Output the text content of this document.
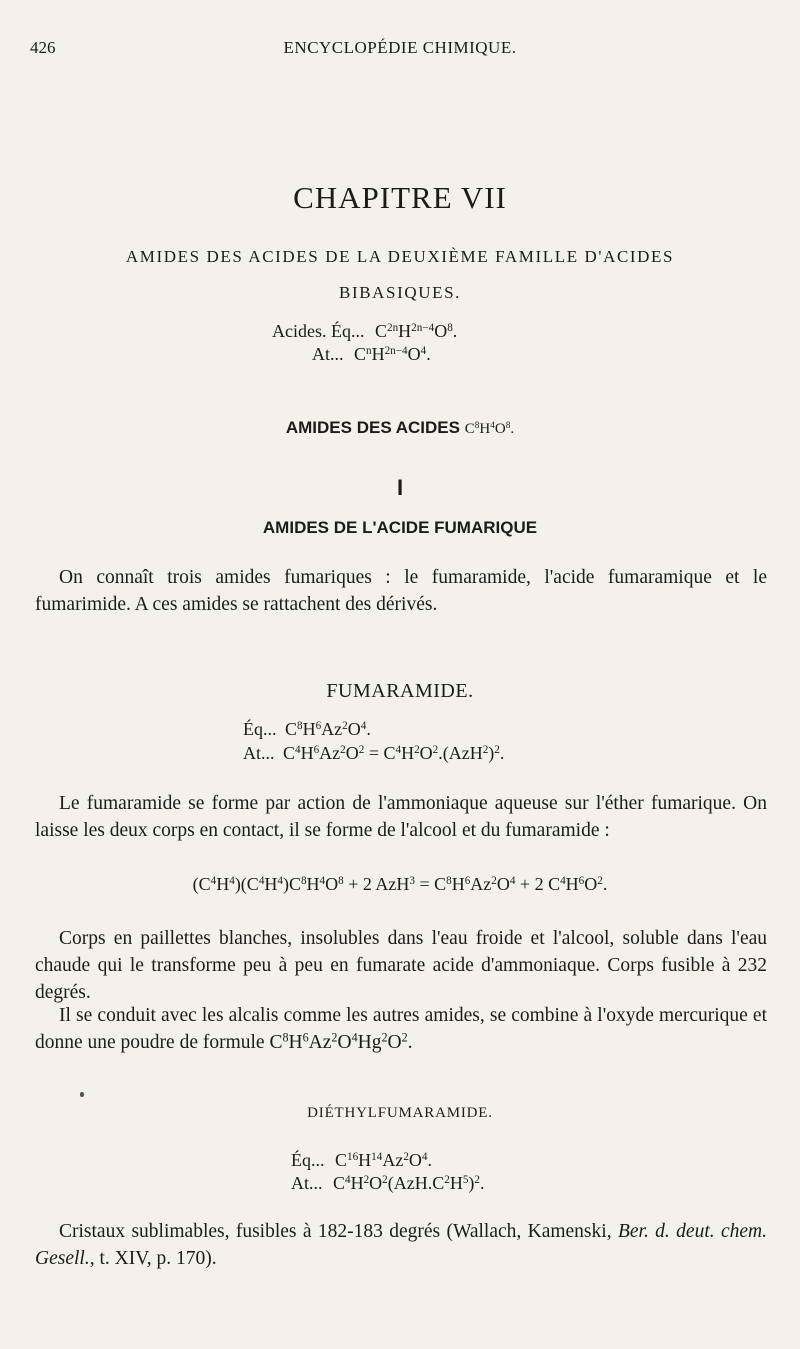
426	ENCYCLOPÉDIE CHIMIQUE.
CHAPITRE VII
AMIDES DES ACIDES DE LA DEUXIÈME FAMILLE D'ACIDES
BIBASIQUES.
Acides. Éq... $C^{2n}H^{2n-4}O^8$.
At... $C^nH^{2n-4}O^4$.
AMIDES DES ACIDES $C^8H^4O^8$.
I
AMIDES DE L'ACIDE FUMARIQUE
On connaît trois amides fumariques : le fumaramide, l'acide fumaramique et le fumarimide. A ces amides se rattachent des dérivés.
FUMARAMIDE.
Éq... $C^8H^6Az^2O^4$.
At... $C^4H^6Az^2O^2 = C^4H^2O^2.(AzH^2)^2$.
Le fumaramide se forme par action de l'ammoniaque aqueuse sur l'éther fumarique. On laisse les deux corps en contact, il se forme de l'alcool et du fumaramide :
$(C^4H^4)(C^4H^4)C^8H^4O^8 + 2$ $AzH^3 = C^8H^6Az^2O^4 + 2$ $C^4H^6O^2$.
Corps en paillettes blanches, insolubles dans l'eau froide et l'alcool, soluble dans l'eau chaude qui le transforme peu à peu en fumarate acide d'ammoniaque. Corps fusible à 232 degrés.
Il se conduit avec les alcalis comme les autres amides, se combine à l'oxyde mercurique et donne une poudre de formule $C^8H^6Az^2O^4Hg^2O^2$.
DIÉTHYLFUMARAMIDE.
Éq... $C^{16}H^{14}Az^2O^4$.
At... $C^4H^2O^2(AzH.C^2H^5)^2$.
Cristaux sublimables, fusibles à 182-183 degrés (Wallach, Kamenski, Ber. d. deut. chem. Gesell., t. XIV, p. 170).
